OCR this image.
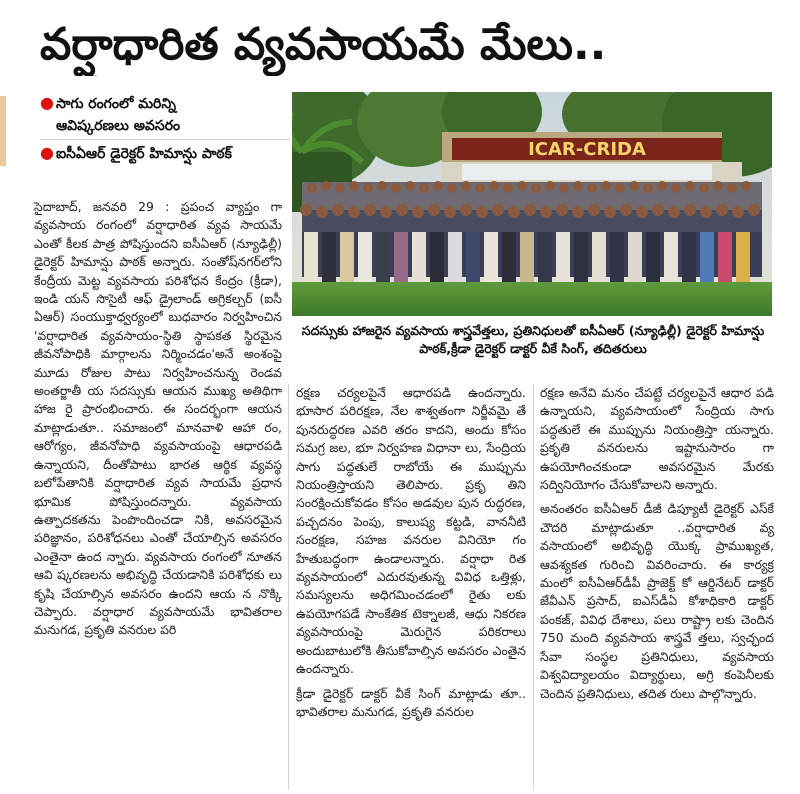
వర్షాధారిత వ్యవసాయమే మేలు..
● సాగు రంగంలో మరిన్ని
ఆవిష్కరణలు అవసరం
● ఐసీఏఆర్ డైరెక్టర్ హిమాన్షు పాఠక్	ICAR-CRIDA
సదస్సుకు హాజరైన వ్యవసాయ శాస్త్రవేత్తలు, ప్రతినిధులతో ఐసీఏఆర్ (న్యూఢిల్లీ) డైరెక్టర్ హిమాన్షు పాఠక్,క్రీడా డైరెక్టర్ డాక్టర్ వీకే సింగ్, తదితరులు

సైదాబాద్, జనవరి 29 : ప్రపంచ వ్యాప్తం గా వ్యవసాయ రంగంలో వర్షాధారిత వ్యవ సాయమే ఎంతో కీలక పాత్ర పోషిస్తుందని ఐసీఏఆర్ (న్యూఢిల్లీ) డైరెక్టర్ హిమాన్షు పాఠక్ అన్నారు. సంతోష్‌నగర్‌లోని కేంద్రీయ మెట్ట వ్యవసాయ పరిశోధన కేంద్రం (క్రీడా), ఇండి యన్ సొసైటీ ఆఫ్ డ్రైలాండ్ అగ్రికల్చర్ (ఐసీ ఏఆర్) సంయుక్తాధ్వర్యంలో బుధవారం నిర్వహించిన 'వర్షాధారిత వ్యవసాయం-స్థితి స్థాపకత స్థిరమైన జీవనోపాధికి మార్గాలను నిర్మించడం'అనే అంశంపై మూడు రోజుల పాటు నిర్వహించనున్న రెండవ అంతర్జాతీ య సదస్సుకు ఆయన ముఖ్య అతిథిగా హాజ రై ప్రారంభించారు. ఈ సందర్భంగా ఆయన మాట్లాడుతూ.. సమాజంలో మానవాళి ఆహా రం, ఆరోగ్యం, జీవనోపాధి వ్యవసాయంపై ఆధారపడి ఉన్నాయని, దీంతోపాటు భారత ఆర్థిక వ్యవస్థ బలోపేతానికి వర్షాధారిత వ్యవ సాయమే ప్రధాన భూమిక పోషిస్తుందన్నారు. వ్యవసాయ ఉత్పాదకతను పెంపొందించడా నికి, అవసరమైన పరిజ్ఞానం, పరిశోధనలు ఎంతో చేయాల్సిన అవసరం ఎంతైనా ఉంద న్నారు. వ్యవసాయ రంగంలో నూతన ఆవి ష్కరణలను అభివృద్ధి చేయడానికి పరిశోధకు లు కృషి చేయాల్సిన అవసరం ఉందని ఆయ న నొక్కి చెప్పారు. వర్షాధార వ్యవసాయమే భావితరాల మనుగడ, ప్రకృతి వనరుల పరి

రక్షణ చర్యలపైనే ఆధారపడి ఉందన్నారు. భూసార పరిరక్షణ, నేల శాశ్వతంగా నిర్జీవమై తే పునరుద్ధరణ ఎవరి తరం కాదని, అందు కోసం సమగ్ర జల, భూ నిర్వహణ విధానా లు, సేంద్రియ సాగు పద్ధతులే రాబోయే ఈ ముప్పును నియంత్రిస్తాయని తెలిపారు. ప్రకృ తిని సంరక్షించుకోవడం కోసం అడవుల పున రుద్ధరణ, పచ్చదనం పెంపు, కాలుష్య కట్టడి, వాననీటి సంరక్షణ, సహజ వనరుల వినియో గం హేతుబద్ధంగా ఉండాలన్నారు. వర్షాధా రిత వ్యవసాయంలో ఎదురవుతున్న వివిధ ఒత్తిళ్లు, సమస్యలను అధిగమించడంలో రైతు లకు ఉపయోగపడే సాంకేతిక టెక్నాలజీ, ఆధు నికరణ వ్యవసాయంపై మెరుగైన పరికరాలు అందుబాటులోకి తీసుకోవాల్సిన అవసరం ఎంతైన ఉందన్నారు.

క్రీడా డైరెక్టర్ డాక్టర్ వీకే సింగ్ మాట్లాడు తూ.. భావితరాల మనుగడ, ప్రకృతి వనరుల

రక్షణ అనేవి మనం చేపట్టే చర్యలపైనే ఆధార పడి ఉన్నాయని, వ్యవసాయంలో సేంద్రియ సాగు పద్ధతులే ఈ ముప్పును నియంత్రిస్తా యన్నారు. ప్రకృతి వనరులను ఇష్టానుసారం గా ఉపయోగించకుండా అవసరమైన మేరకు సద్వినియోగం చేసుకోవాలని అన్నారు.

అనంతరం ఐసీఏఆర్ డీజీ డిప్యూటీ డైరెక్టర్ ఎస్‌కే చౌదరి మాట్లాడుతూ ..వర్షాధారిత వ్య వసాయంలో అభివృద్ధి యొక్క ప్రాముఖ్యత, ఆవశ్యకత గురించి వివరించారు. ఈ కార్యక్ర మంలో ఐసీఏఆర్‌డీపీ ప్రాజెక్ట్ కో ఆర్డినేటర్ డాక్టర్ జేవీఎన్ ప్రసాద్, ఐఎస్‌డీఏ కోశాధికారి డాక్టర్ పంకజ్, వివిధ దేశాలు, పలు రాష్ట్రా లకు చెందిన 750 మంది వ్యవసాయ శాస్త్రవే త్తలు, స్వచ్ఛంద సేవా సంస్థల ప్రతినిధులు, వ్యవసాయ విశ్వవిద్యాలయం విద్యార్థులు, అగ్రి కంపెనీలకు చెందిన ప్రతినిధులు, తదిత రులు పాల్గొన్నారు.
